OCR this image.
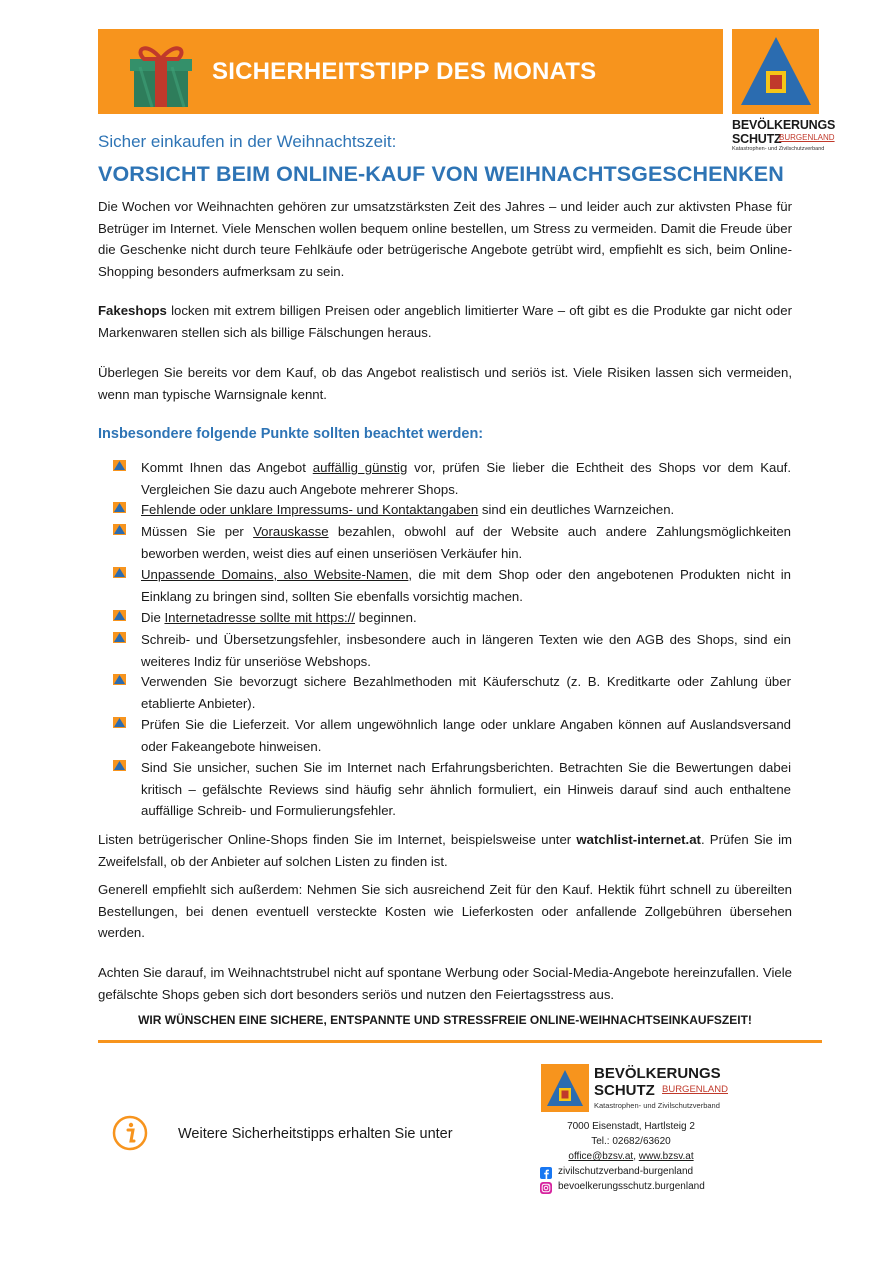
SICHERHEITSTIPP DES MONATS
BEVÖLKERUNGS
SCHUTZ
BURGENLAND
Katastrophen- und Zivilschutzverband
Sicher einkaufen in der Weihnachtszeit:
VORSICHT BEIM ONLINE-KAUF VON WEIHNACHTSGESCHENKEN
Die Wochen vor Weihnachten gehören zur umsatzstärksten Zeit des Jahres – und leider auch zur aktivsten Phase für Betrüger im Internet. Viele Menschen wollen bequem online bestellen, um Stress zu vermeiden. Damit die Freude über die Geschenke nicht durch teure Fehlkäufe oder betrügerische Angebote getrübt wird, empfiehlt es sich, beim Online-Shopping besonders aufmerksam zu sein.
Fakeshops locken mit extrem billigen Preisen oder angeblich limitierter Ware – oft gibt es die Produkte gar nicht oder Markenwaren stellen sich als billige Fälschungen heraus.
Überlegen Sie bereits vor dem Kauf, ob das Angebot realistisch und seriös ist. Viele Risiken lassen sich vermeiden, wenn man typische Warnsignale kennt.
Insbesondere folgende Punkte sollten beachtet werden:
Kommt Ihnen das Angebot auffällig günstig vor, prüfen Sie lieber die Echtheit des Shops vor dem Kauf. Vergleichen Sie dazu auch Angebote mehrerer Shops.
Fehlende oder unklare Impressums- und Kontaktangaben sind ein deutliches Warnzeichen.
Müssen Sie per Vorauskasse bezahlen, obwohl auf der Website auch andere Zahlungsmöglichkeiten beworben werden, weist dies auf einen unseriösen Verkäufer hin.
Unpassende Domains, also Website-Namen, die mit dem Shop oder den angebotenen Produkten nicht in Einklang zu bringen sind, sollten Sie ebenfalls vorsichtig machen.
Die Internetadresse sollte mit https:// beginnen.
Schreib- und Übersetzungsfehler, insbesondere auch in längeren Texten wie den AGB des Shops, sind ein weiteres Indiz für unseriöse Webshops.
Verwenden Sie bevorzugt sichere Bezahlmethoden mit Käuferschutz (z. B. Kreditkarte oder Zahlung über etablierte Anbieter).
Prüfen Sie die Lieferzeit. Vor allem ungewöhnlich lange oder unklare Angaben können auf Auslandsversand oder Fakeangebote hinweisen.
Sind Sie unsicher, suchen Sie im Internet nach Erfahrungsberichten. Betrachten Sie die Bewertungen dabei kritisch – gefälschte Reviews sind häufig sehr ähnlich formuliert, ein Hinweis darauf sind auch enthaltene auffällige Schreib- und Formulierungsfehler.
Listen betrügerischer Online-Shops finden Sie im Internet, beispielsweise unter watchlist-internet.at. Prüfen Sie im Zweifelsfall, ob der Anbieter auf solchen Listen zu finden ist.
Generell empfiehlt sich außerdem: Nehmen Sie sich ausreichend Zeit für den Kauf. Hektik führt schnell zu übereilten Bestellungen, bei denen eventuell versteckte Kosten wie Lieferkosten oder anfallende Zollgebühren übersehen werden.
Achten Sie darauf, im Weihnachtstrubel nicht auf spontane Werbung oder Social-Media-Angebote hereinzufallen. Viele gefälschte Shops geben sich dort besonders seriös und nutzen den Feiertagsstress aus.
WIR WÜNSCHEN EINE SICHERE, ENTSPANNTE UND STRESSFREIE ONLINE-WEIHNACHTSEINKAUFSZEIT!
Weitere Sicherheitstipps erhalten Sie unter
BEVÖLKERUNGS
SCHUTZ BURGENLAND
Katastrophen- und Zivilschutzverband
7000 Eisenstadt, Hartlsteig 2
Tel.: 02682/63620
office@bzsv.at, www.bzsv.at
zivilschutzverband-burgenland
bevoelkerungsschutz.burgenland
